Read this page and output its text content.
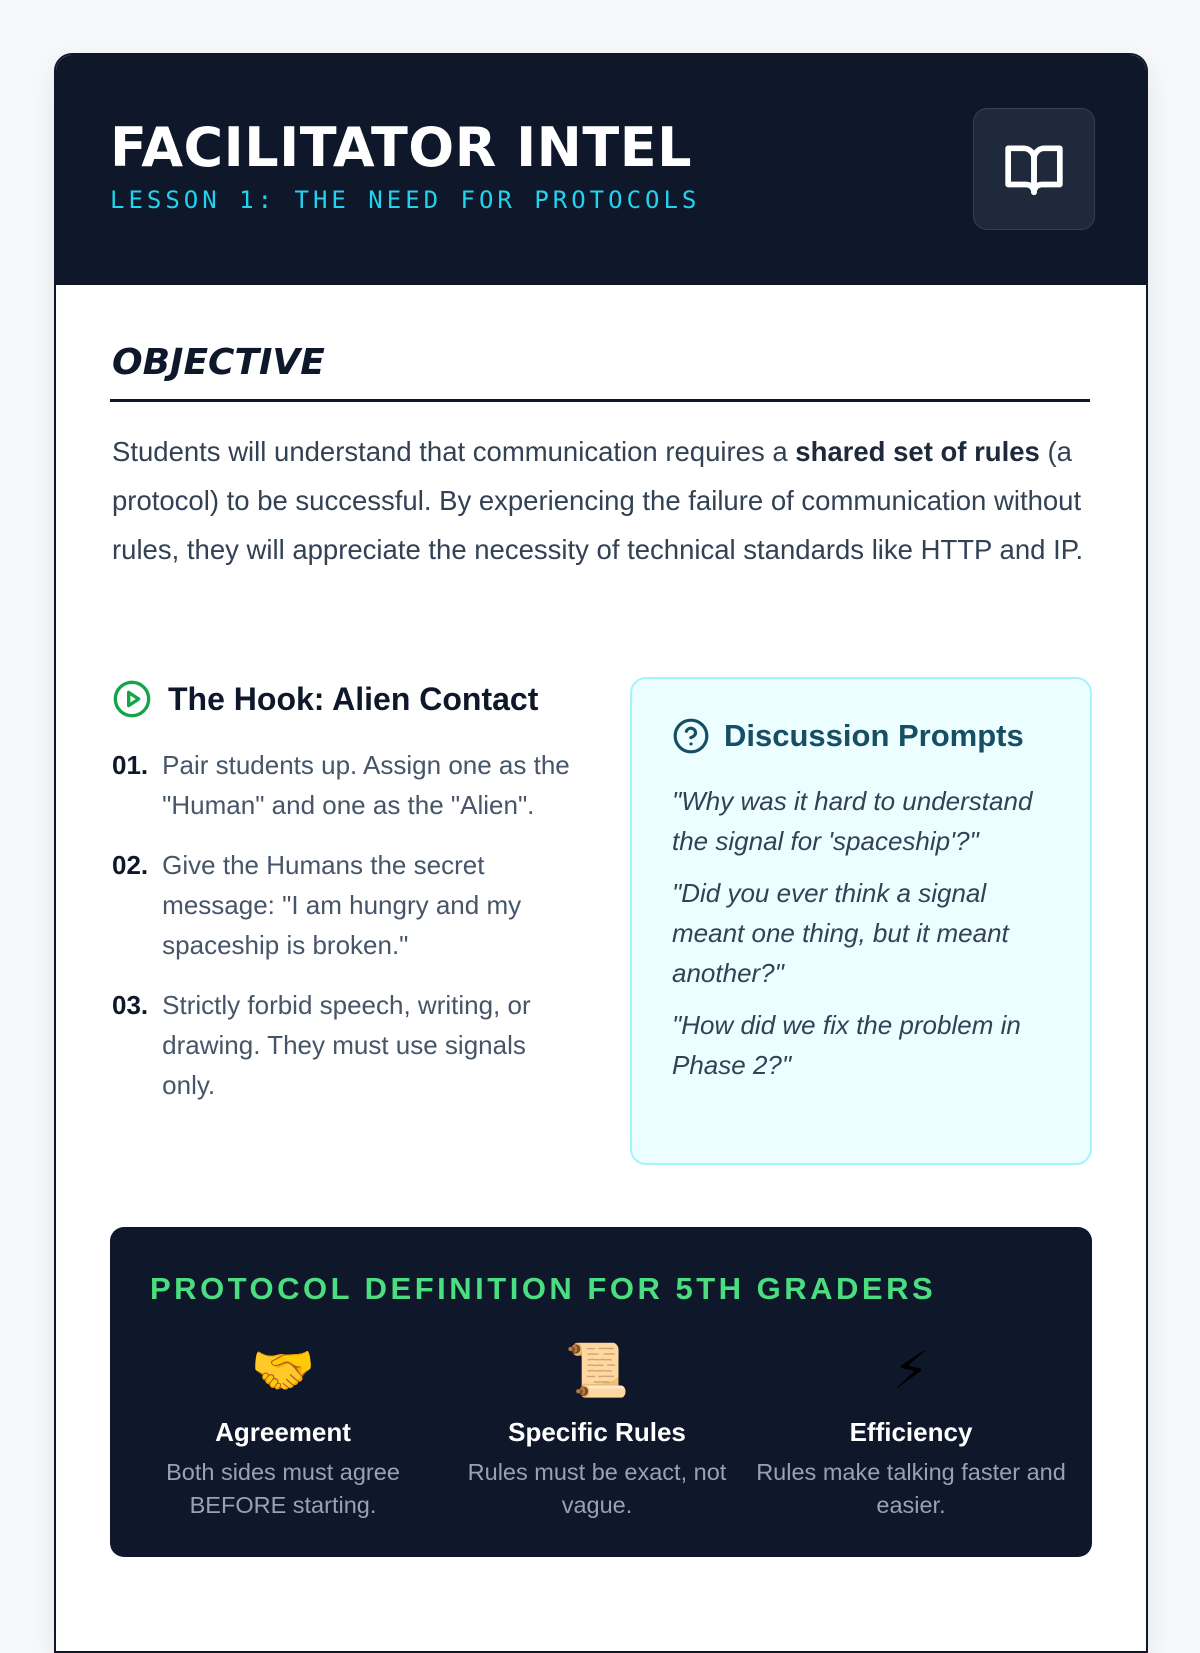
FACILITATOR INTEL
LESSON 1: THE NEED FOR PROTOCOLS
OBJECTIVE

Students will understand that communication requires a shared set of rules (a protocol) to be successful. By experiencing the failure of communication without rules, they will appreciate the necessity of technical standards like HTTP and IP.

The Hook: Alien Contact
01. Pair students up. Assign one as the "Human" and one as the "Alien".
02. Give the Humans the secret message: "I am hungry and my spaceship is broken."
03. Strictly forbid speech, writing, or drawing. They must use signals only.
Discussion Prompts

"Why was it hard to understand the signal for 'spaceship'?"

"Did you ever think a signal meant one thing, but it meant another?"

"How did we fix the problem in Phase 2?"

PROTOCOL DEFINITION FOR 5TH GRADERS
🤝
Agreement
Both sides must agree BEFORE starting.
📜
Specific Rules
Rules must be exact, not vague.
⚡
Efficiency
Rules make talking faster and easier.
